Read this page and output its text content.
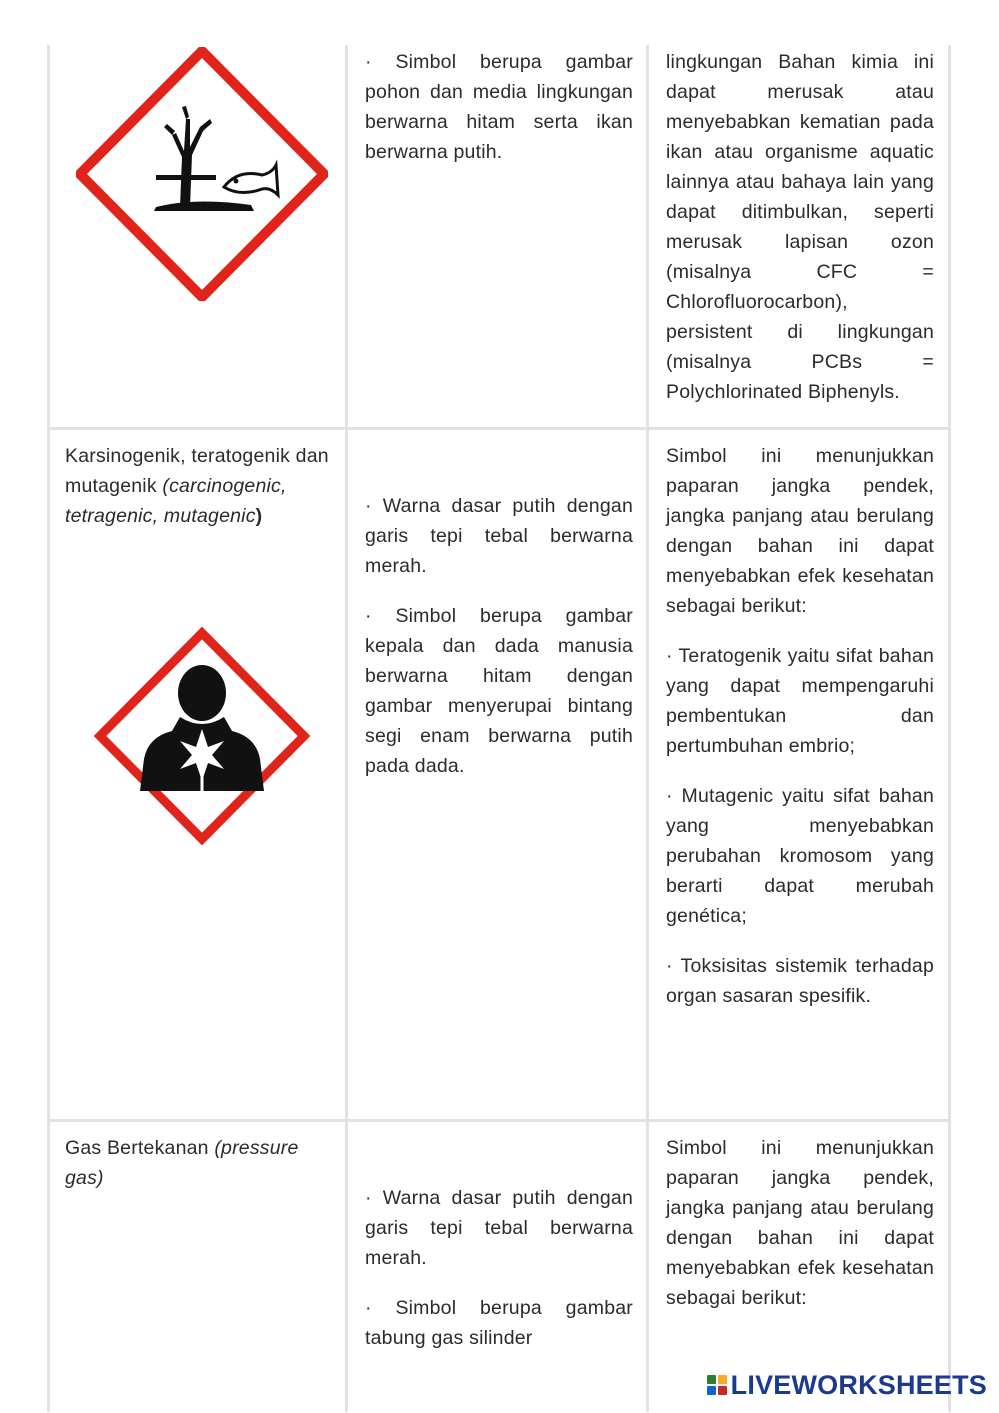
· Simbol berupa gambar pohon dan media lingkungan berwarna hitam serta ikan berwarna putih.

lingkungan Bahan kimia ini dapat merusak atau menyebabkan kematian pada ikan atau organisme aquatic lainnya atau bahaya lain yang dapat ditimbulkan, seperti merusak lapisan ozon (misalnya CFC = Chlorofluorocarbon), persistent di lingkungan (misalnya PCBs = Polychlorinated Biphenyls.

Karsinogenik, teratogenik dan mutagenik (carcinogenic, tetragenic, mutagenic)	· Warna dasar putih dengan garis tepi tebal berwarna merah.

· Simbol berupa gambar kepala dan dada manusia berwarna hitam dengan gambar menyerupai bintang segi enam berwarna putih pada dada.

Simbol ini menunjukkan paparan jangka pendek, jangka panjang atau berulang dengan bahan ini dapat menyebabkan efek kesehatan sebagai berikut:

· Teratogenik yaitu sifat bahan yang dapat mempengaruhi pembentukan dan pertumbuhan embrio;

· Mutagenic yaitu sifat bahan yang menyebabkan perubahan kromosom yang berarti dapat merubah genética;

· Toksisitas sistemik terhadap organ sasaran spesifik.

Gas Bertekanan (pressure gas)

· Warna dasar putih dengan garis tepi tebal berwarna merah.

· Simbol berupa gambar tabung gas silinder

Simbol ini menunjukkan paparan jangka pendek, jangka panjang atau berulang dengan bahan ini dapat menyebabkan efek kesehatan sebagai berikut:

LIVEWORKSHEETS
